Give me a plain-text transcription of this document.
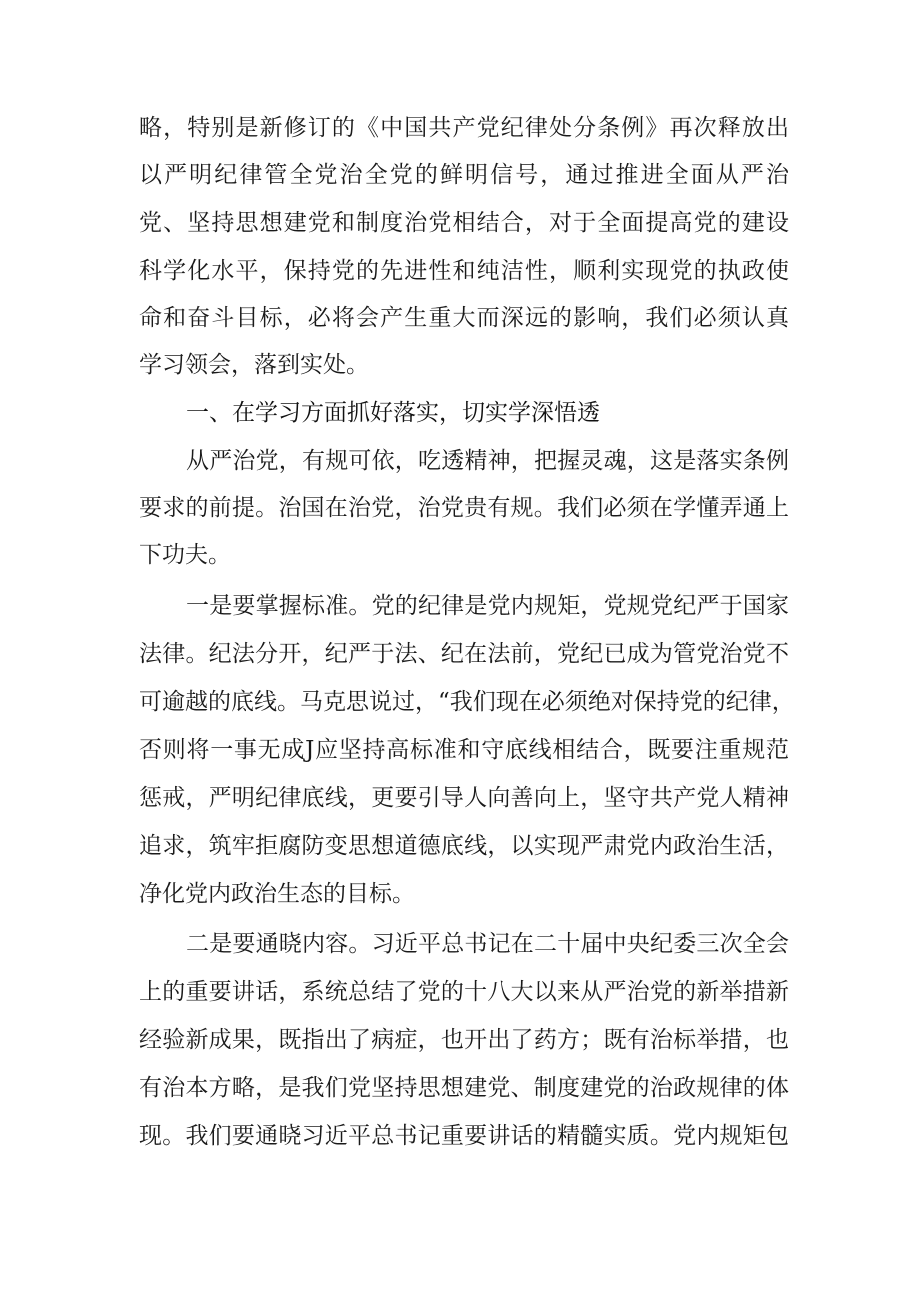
略，特别是新修订的《中国共产党纪律处分条例》再次释放出
以严明纪律管全党治全党的鲜明信号，通过推进全面从严治
党、坚持思想建党和制度治党相结合，对于全面提高党的建设
科学化水平，保持党的先进性和纯洁性，顺利实现党的执政使
命和奋斗目标，必将会产生重大而深远的影响，我们必须认真
学习领会，落到实处。
一、在学习方面抓好落实，切实学深悟透
从严治党，有规可依，吃透精神，把握灵魂，这是落实条例
要求的前提。治国在治党，治党贵有规。我们必须在学懂弄通上
下功夫。
一是要掌握标准。党的纪律是党内规矩，党规党纪严于国家
法律。纪法分开，纪严于法、纪在法前，党纪已成为管党治党不
可逾越的底线。马克思说过，“我们现在必须绝对保持党的纪律，
否则将一事无成J应坚持高标准和守底线相结合，既要注重规范
惩戒，严明纪律底线，更要引导人向善向上，坚守共产党人精神
追求，筑牢拒腐防变思想道德底线，以实现严肃党内政治生活，
净化党内政治生态的目标。
二是要通晓内容。习近平总书记在二十届中央纪委三次全会
上的重要讲话，系统总结了党的十八大以来从严治党的新举措新
经验新成果，既指出了病症，也开出了药方；既有治标举措，也
有治本方略，是我们党坚持思想建党、制度建党的治政规律的体
现。我们要通晓习近平总书记重要讲话的精髓实质。党内规矩包
